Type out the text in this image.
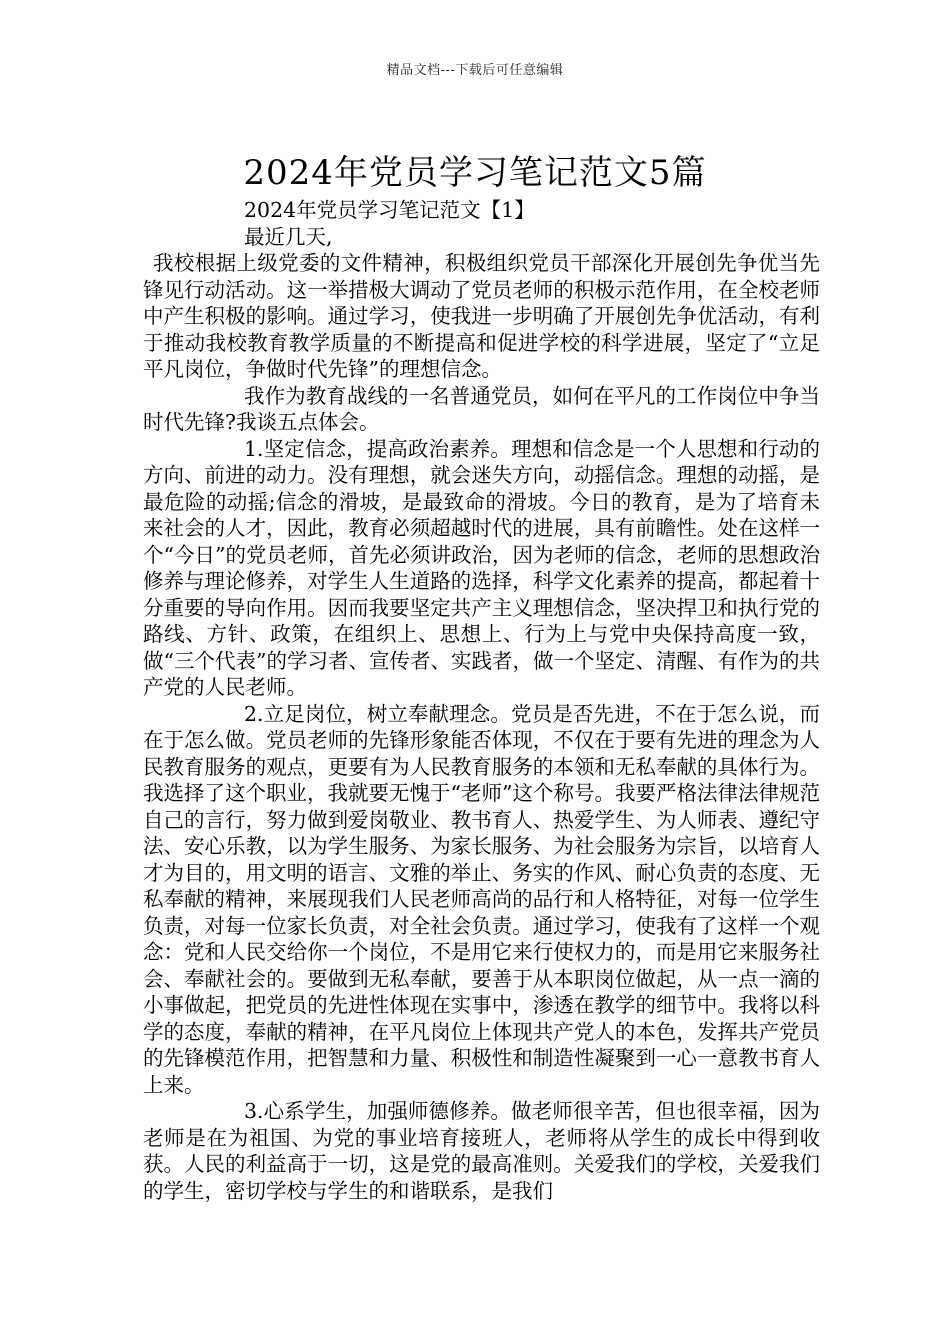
精品文档---下载后可任意编辑
2024年党员学习笔记范文5篇

2024年党员学习笔记范文【1】

最近几天,

我校根据上级党委的文件精神，积极组织党员干部深化开展创先争优当先锋见行动活动。这一举措极大调动了党员老师的积极示范作用，在全校老师中产生积极的影响。通过学习，使我进一步明确了开展创先争优活动，有利于推动我校教育教学质量的不断提高和促进学校的科学进展，坚定了“立足平凡岗位，争做时代先锋”的理想信念。

我作为教育战线的一名普通党员，如何在平凡的工作岗位中争当时代先锋?我谈五点体会。

1.坚定信念，提高政治素养。理想和信念是一个人思想和行动的方向、前进的动力。没有理想，就会迷失方向，动摇信念。理想的动摇，是最危险的动摇;信念的滑坡，是最致命的滑坡。今日的教育，是为了培育未来社会的人才，因此，教育必须超越时代的进展，具有前瞻性。处在这样一个“今日”的党员老师，首先必须讲政治，因为老师的信念，老师的思想政治修养与理论修养，对学生人生道路的选择，科学文化素养的提高，都起着十分重要的导向作用。因而我要坚定共产主义理想信念，坚决捍卫和执行党的路线、方针、政策，在组织上、思想上、行为上与党中央保持高度一致，做“三个代表”的学习者、宣传者、实践者，做一个坚定、清醒、有作为的共产党的人民老师。

2.立足岗位，树立奉献理念。党员是否先进，不在于怎么说，而在于怎么做。党员老师的先锋形象能否体现，不仅在于要有先进的理念为人民教育服务的观点，更要有为人民教育服务的本领和无私奉献的具体行为。我选择了这个职业，我就要无愧于“老师”这个称号。我要严格法律法律规范自己的言行，努力做到爱岗敬业、教书育人、热爱学生、为人师表、遵纪守法、安心乐教，以为学生服务、为家长服务、为社会服务为宗旨，以培育人才为目的，用文明的语言、文雅的举止、务实的作风、耐心负责的态度、无私奉献的精神，来展现我们人民老师高尚的品行和人格特征，对每一位学生负责，对每一位家长负责，对全社会负责。通过学习，使我有了这样一个观念：党和人民交给你一个岗位，不是用它来行使权力的，而是用它来服务社会、奉献社会的。要做到无私奉献，要善于从本职岗位做起，从一点一滴的小事做起，把党员的先进性体现在实事中，渗透在教学的细节中。我将以科学的态度，奉献的精神，在平凡岗位上体现共产党人的本色，发挥共产党员的先锋模范作用，把智慧和力量、积极性和制造性凝聚到一心一意教书育人上来。

3.心系学生，加强师德修养。做老师很辛苦，但也很幸福，因为老师是在为祖国、为党的事业培育接班人，老师将从学生的成长中得到收获。人民的利益高于一切，这是党的最高准则。关爱我们的学校，关爱我们的学生，密切学校与学生的和谐联系，是我们
